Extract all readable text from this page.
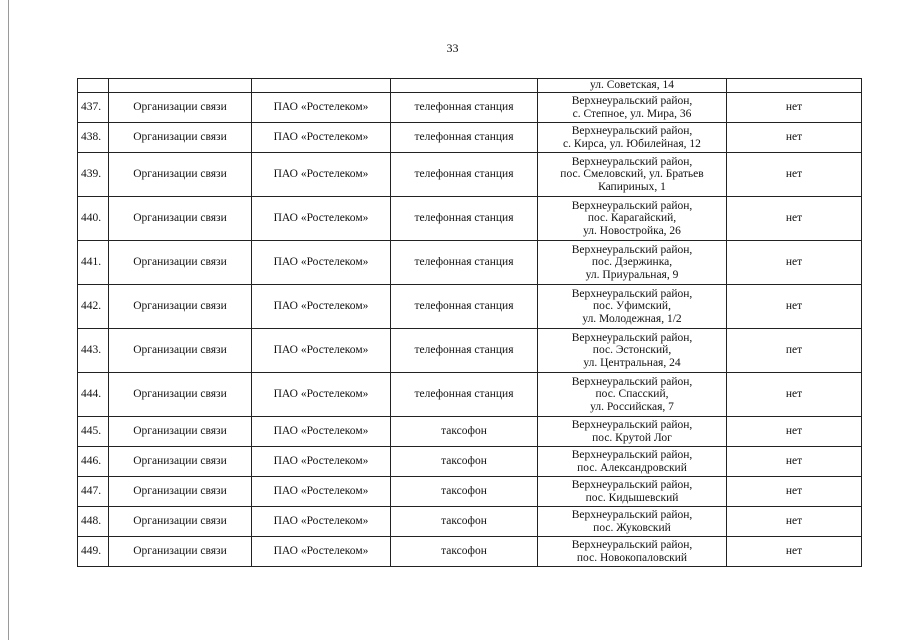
33
				ул. Советская, 14	
437.	Организации связи	ПАО «Ростелеком»	телефонная станция	Верхнеуральский район,
с. Степное, ул. Мира, 36	нет
438.	Организации связи	ПАО «Ростелеком»	телефонная станция	Верхнеуральский район,
с. Кирса, ул. Юбилейная, 12	нет
439.	Организации связи	ПАО «Ростелеком»	телефонная станция	Верхнеуральский район,
пос. Смеловский, ул. Братьев
Капириных, 1	нет
440.	Организации связи	ПАО «Ростелеком»	телефонная станция	Верхнеуральский район,
пос. Карагайский,
ул. Новостройка, 26	нет
441.	Организации связи	ПАО «Ростелеком»	телефонная станция	Верхнеуральский район,
пос. Дзержинка,
ул. Приуральная, 9	нет
442.	Организации связи	ПАО «Ростелеком»	телефонная станция	Верхнеуральский район,
пос. Уфимский,
ул. Молодежная, 1/2	нет
443.	Организации связи	ПАО «Ростелеком»	телефонная станция	Верхнеуральский район,
пос. Эстонский,
ул. Центральная, 24	пет
444.	Организации связи	ПАО «Ростелеком»	телефонная станция	Верхнеуральский район,
пос. Спасский,
ул. Российская, 7	нет
445.	Организации связи	ПАО «Ростелеком»	таксофон	Верхнеуральский район,
пос. Крутой Лог	нет
446.	Организации связи	ПАО «Ростелеком»	таксофон	Верхнеуральский район,
пос. Александровский	нет
447.	Организации связи	ПАО «Ростелеком»	таксофон	Верхнеуральский район,
пос. Кидышевский	нет
448.	Организации связи	ПАО «Ростелеком»	таксофон	Верхнеуральский район,
пос. Жуковский	нет
449.	Организации связи	ПАО «Ростелеком»	таксофон	Верхнеуральский район,
пос. Новокопаловский	нет
